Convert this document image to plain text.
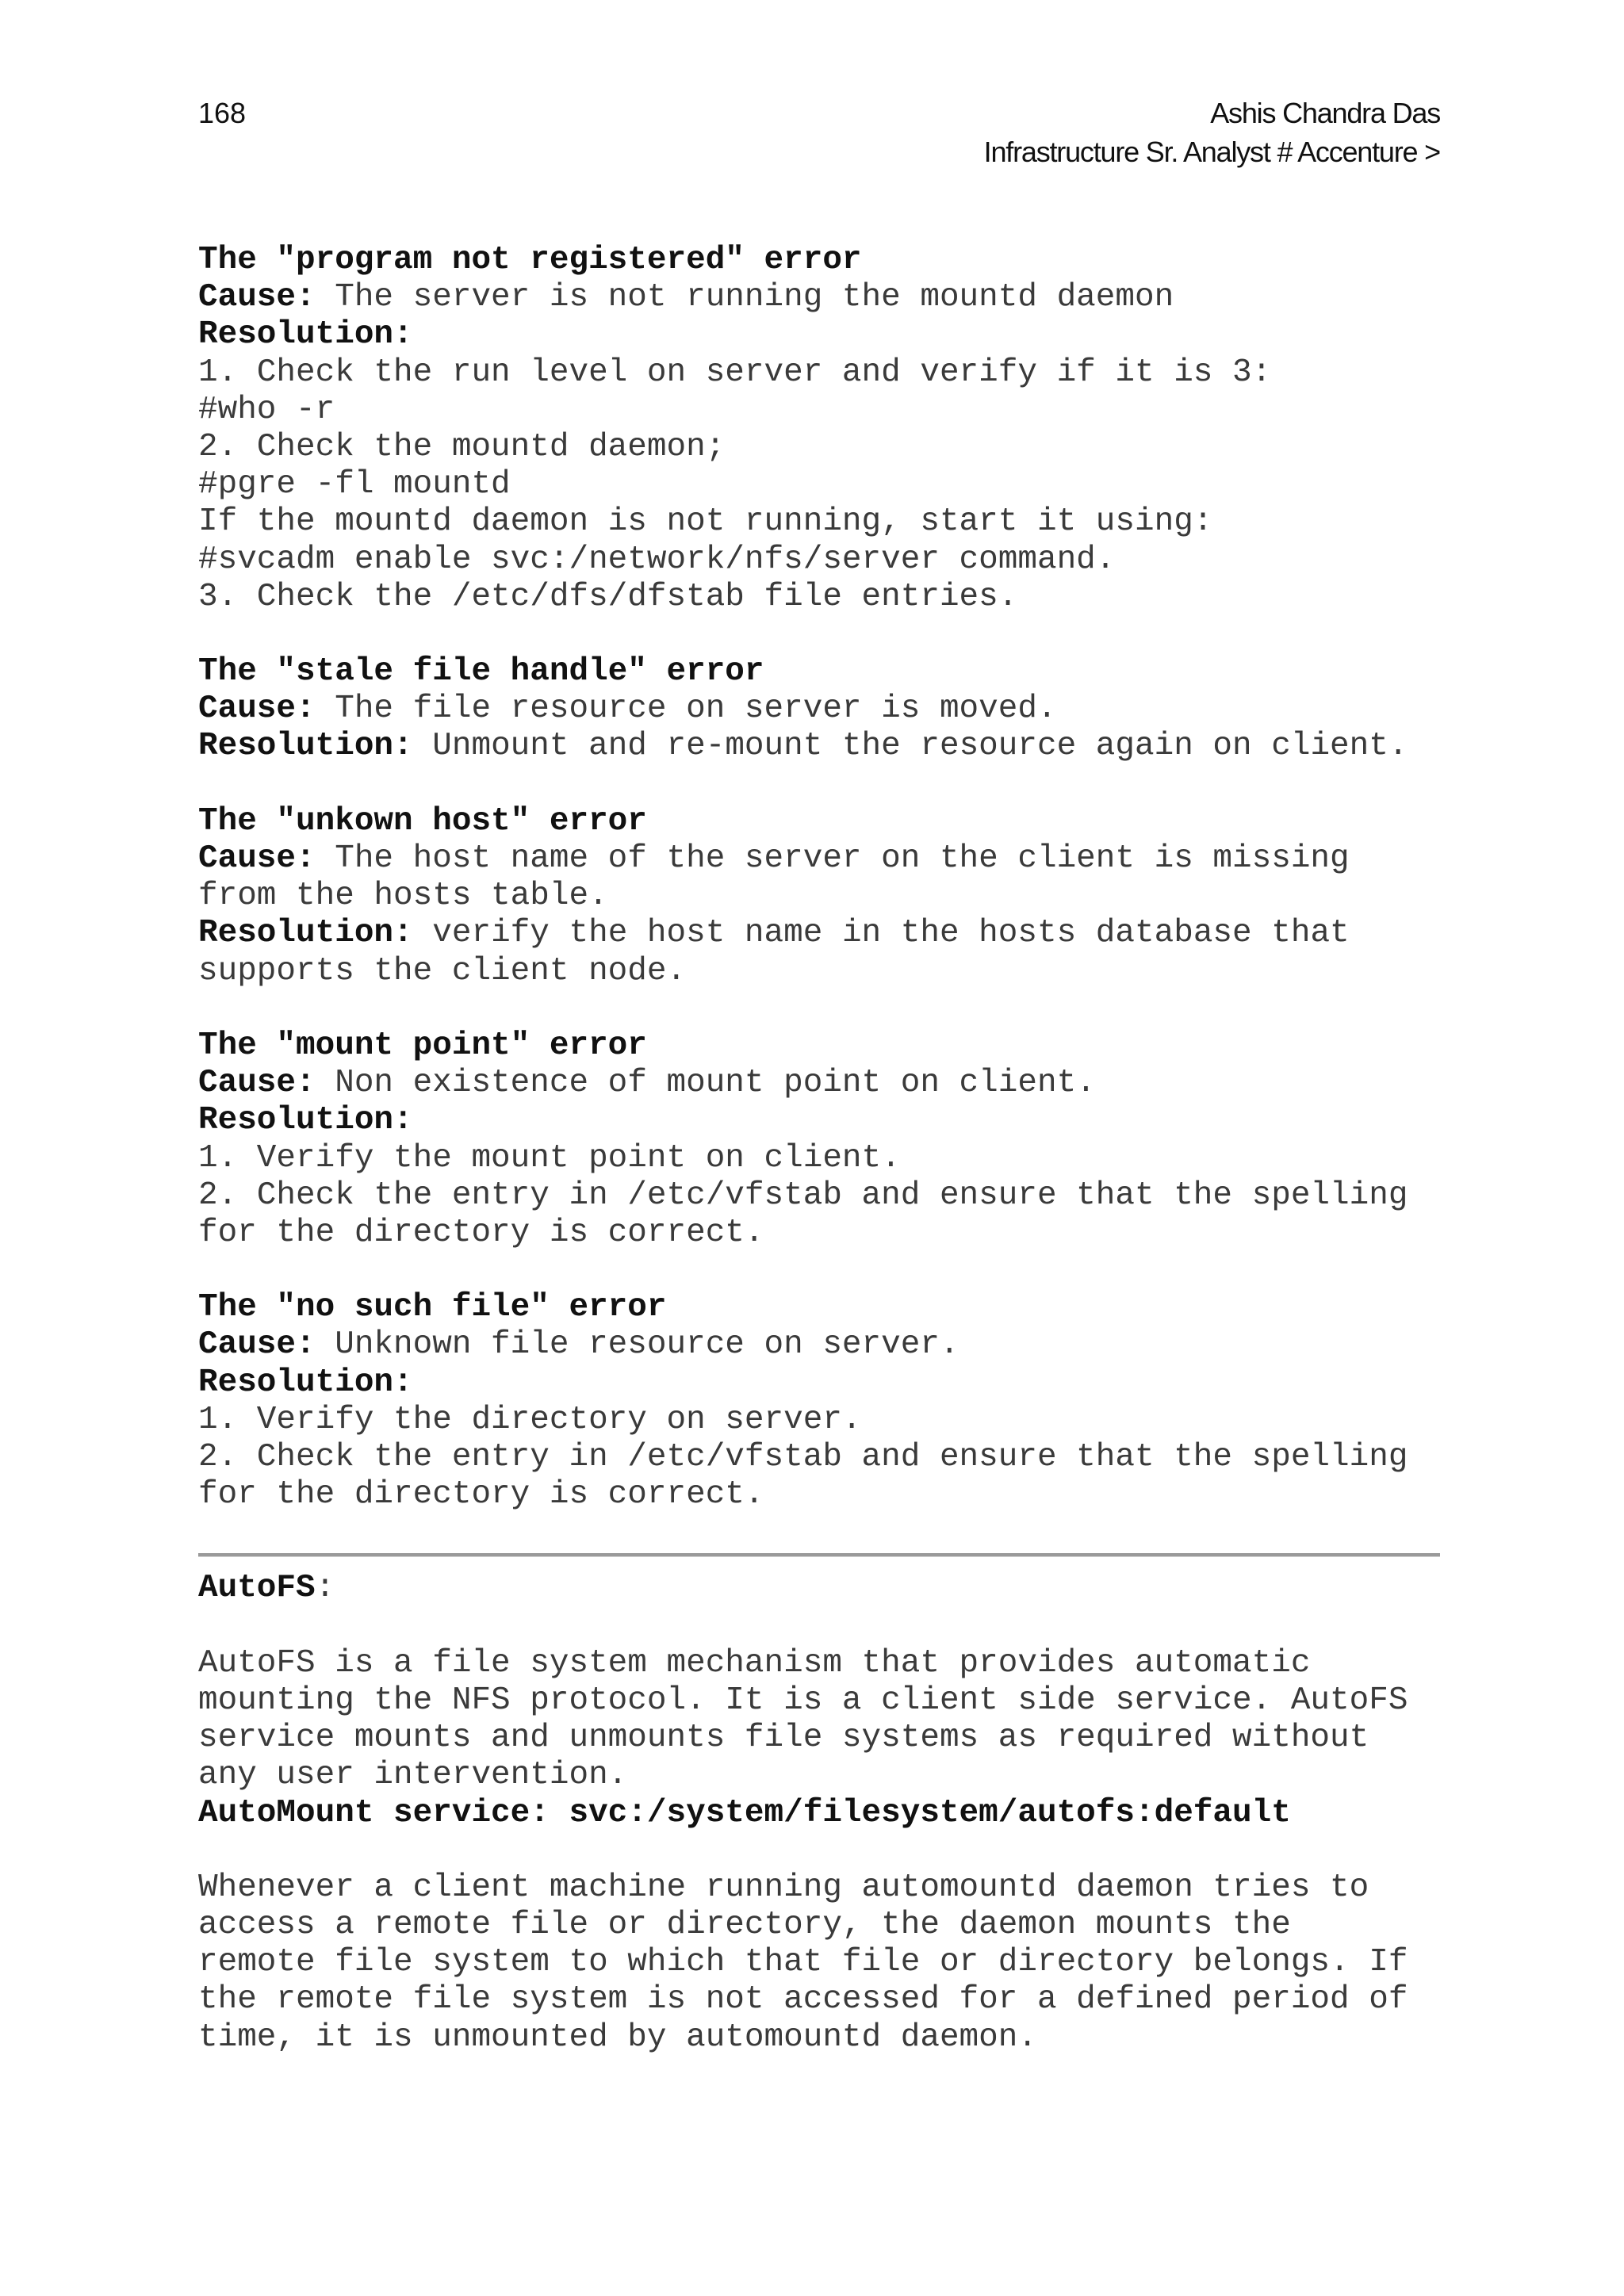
168	Ashis Chandra Das
Infrastructure Sr. Analyst # Accenture >
The "program not registered" error
Cause: The server is not running the mountd daemon
Resolution:
1. Check the run level on server and verify if it is 3:
#who -r
2. Check the mountd daemon;
#pgre -fl mountd
If the mountd daemon is not running, start it using:
#svcadm enable svc:/network/nfs/server command.
3. Check the /etc/dfs/dfstab file entries.
The "stale file handle" error
Cause: The file resource on server is moved.
Resolution: Unmount and re-mount the resource again on client.
The "unkown host" error
Cause: The host name of the server on the client is missing
from the hosts table.
Resolution: verify the host name in the hosts database that
supports the client node.
The "mount point" error
Cause: Non existence of mount point on client.
Resolution:
1. Verify the mount point on client.
2. Check the entry in /etc/vfstab and ensure that the spelling
for the directory is correct.
The "no such file" error
Cause: Unknown file resource on server.
Resolution:
1. Verify the directory on server.
2. Check the entry in /etc/vfstab and ensure that the spelling
for the directory is correct.
AutoFS:
AutoFS is a file system mechanism that provides automatic
mounting the NFS protocol. It is a client side service. AutoFS
service mounts and unmounts file systems as required without
any user intervention.
AutoMount service: svc:/system/filesystem/autofs:default
Whenever a client machine running automountd daemon tries to
access a remote file or directory, the daemon mounts the
remote file system to which that file or directory belongs. If
the remote file system is not accessed for a defined period of
time, it is unmounted by automountd daemon.
